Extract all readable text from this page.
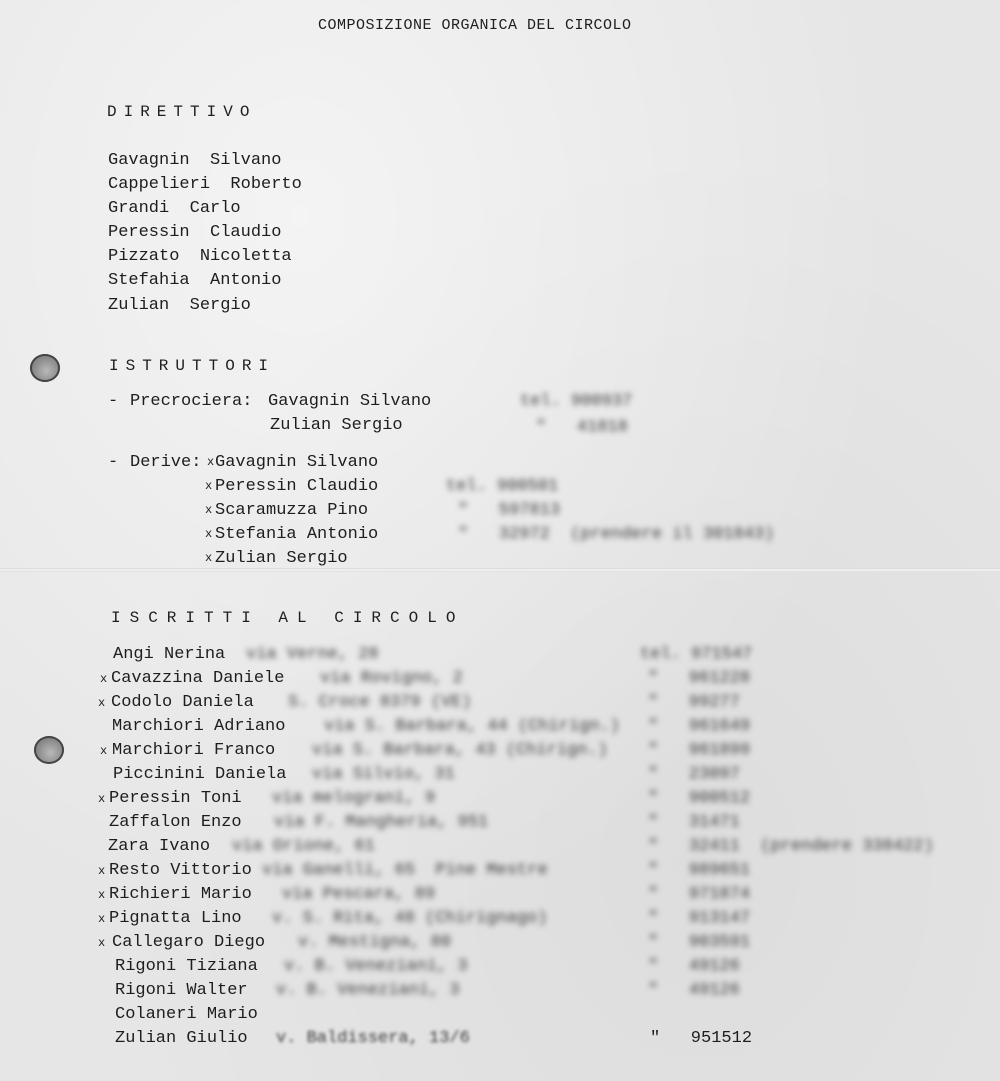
COMPOSIZIONE ORGANICA DEL CIRCOLO
DIRETTIVO
Gavagnin  Silvano
Cappelieri  Roberto
Grandi  Carlo
Peressin  Claudio
Pizzato  Nicoletta
Stefahia  Antonio
Zulian  Sergio
ISTRUTTORI
- Precrociera: Gavagnin Silvano	tel. 900937
Zulian Sergio	"   41818
- Derive: x Gavagnin Silvano
x Peressin Claudio	tel. 900501
x Scaramuzza Pino	"   597813
x Stefania Antonio	"   32972  (prendere il 301843)
x Zulian Sergio
ISCRITTI AL CIRCOLO
Angi Nerina via Verne, 28	tel. 971547
x Cavazzina Daniele via Rovigno, 2	"   961228
x Codolo Daniela S. Croce 8379 (VE)	"   99277
Marchiori Adriano via S. Barbara, 44 (Chirign.) "   961649
x Marchiori Franco via S. Barbara, 43 (Chirign.) "   961899
Piccinini Daniela via Silvio, 31	"   23097
x Peressin Toni via melograni, 9	"   900512
Zaffalon Enzo via F. Mangheria, 951	"   31471
Zara Ivano via Orione, 61	"   32411  (prendere 338422)
x Resto Vittorio via Ganelli, 65  Pine Mestre	"   989651
x Richieri Mario via Pescara, 89	"   971874
x Pignatta Lino v. S. Rita, 48 (Chirignago)	"   913147
x Callegaro Diego v. Mestigna, 80	"   903591
Rigoni Tiziana v. B. Veneziani, 3	"   49126
Rigoni Walter v. B. Veneziani, 3	"   49126
Colaneri Mario
Zulian Giulio v. Baldissera, 13/6	"   951512
